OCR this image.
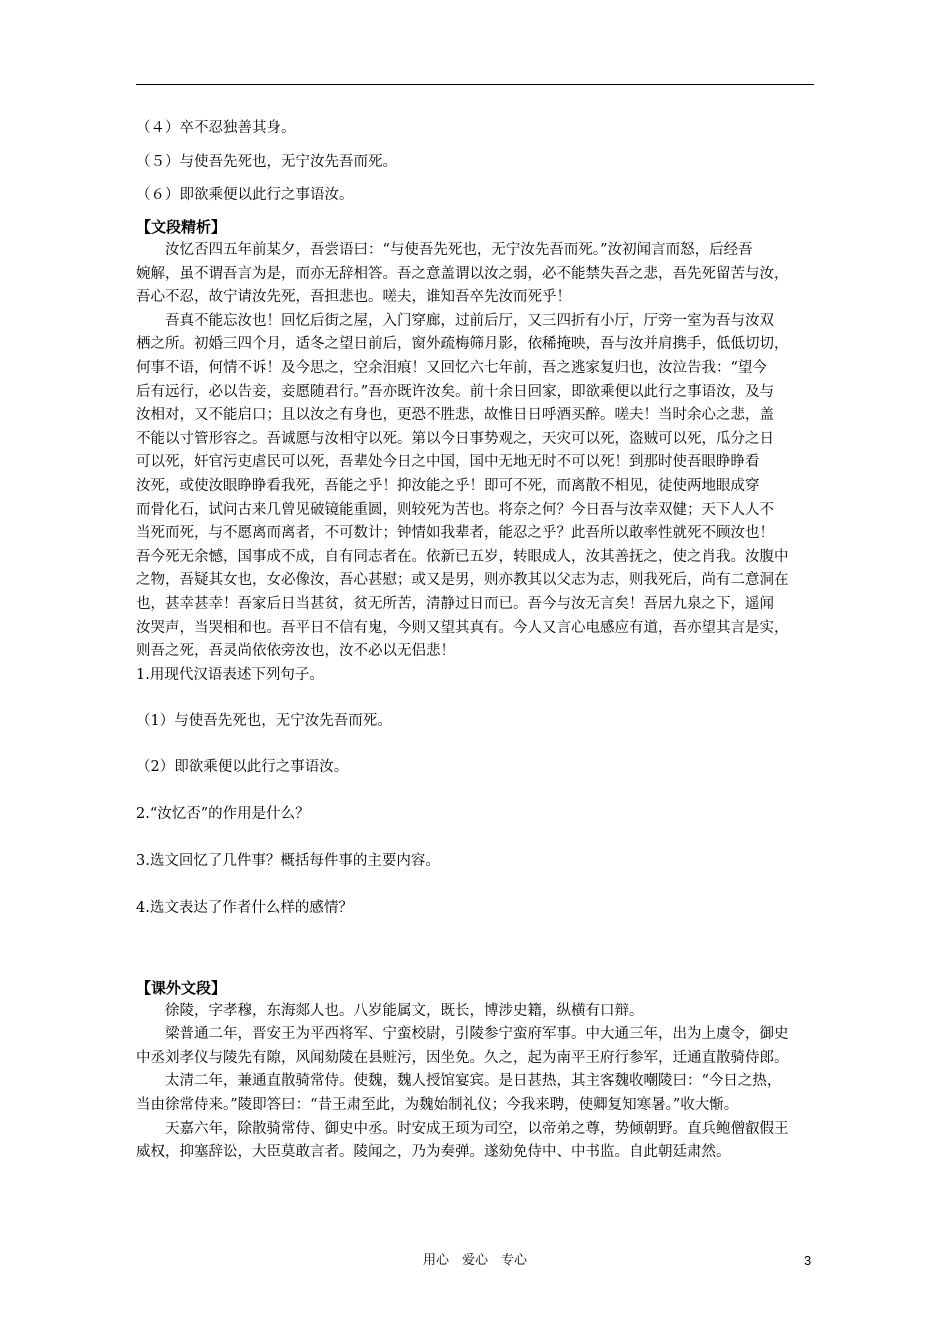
（４）卒不忍独善其身。
（５）与使吾先死也，无宁汝先吾而死。
（６）即欲乘便以此行之事语汝。
【文段精析】
　　汝忆否四五年前某夕，吾尝语曰：“与使吾先死也，无宁汝先吾而死。”汝初闻言而怒，后经吾
婉解，虽不谓吾言为是，而亦无辞相答。吾之意盖谓以汝之弱，必不能禁失吾之悲，吾先死留苦与汝，
吾心不忍，故宁请汝先死，吾担悲也。嗟夫，谁知吾卒先汝而死乎！
　　吾真不能忘汝也！回忆后街之屋，入门穿廊，过前后厅，又三四折有小厅，厅旁一室为吾与汝双
栖之所。初婚三四个月，适冬之望日前后，窗外疏梅筛月影，依稀掩映，吾与汝并肩携手，低低切切，
何事不语，何情不诉！及今思之，空余泪痕！又回忆六七年前，吾之逃家复归也，汝泣告我：“望今
后有远行，必以告妾，妾愿随君行。”吾亦既许汝矣。前十余日回家，即欲乘便以此行之事语汝，及与
汝相对，又不能启口；且以汝之有身也，更恐不胜悲，故惟日日呼酒买醉。嗟夫！当时余心之悲，盖
不能以寸管形容之。吾诚愿与汝相守以死。第以今日事势观之，天灾可以死，盗贼可以死，瓜分之日
可以死，奸官污吏虐民可以死，吾辈处今日之中国，国中无地无时不可以死！到那时使吾眼睁睁看
汝死，或使汝眼睁睁看我死，吾能之乎！抑汝能之乎！即可不死，而离散不相见，徒使两地眼成穿
而骨化石，试问古来几曾见破镜能重圆，则较死为苦也。将奈之何？今日吾与汝幸双健；天下人人不
当死而死，与不愿离而离者，不可数计；钟情如我辈者，能忍之乎？此吾所以敢率性就死不顾汝也！
吾今死无余憾，国事成不成，自有同志者在。依新已五岁，转眼成人，汝其善抚之，使之肖我。汝腹中
之物，吾疑其女也，女必像汝，吾心甚慰；或又是男，则亦教其以父志为志，则我死后，尚有二意洞在
也，甚幸甚幸！吾家后日当甚贫，贫无所苦，清静过日而已。吾今与汝无言矣！吾居九泉之下，遥闻
汝哭声，当哭相和也。吾平日不信有鬼，今则又望其真有。今人又言心电感应有道，吾亦望其言是实，
则吾之死，吾灵尚依依旁汝也，汝不必以无侣悲！
1.用现代汉语表述下列句子。
（1）与使吾先死也，无宁汝先吾而死。
（2）即欲乘便以此行之事语汝。
2.“汝忆否”的作用是什么？
3.选文回忆了几件事？概括每件事的主要内容。
4.选文表达了作者什么样的感情？
【课外文段】
　　徐陵，字孝穆，东海郯人也。八岁能属文，既长，博涉史籍，纵横有口辩。
　　梁普通二年，晋安王为平西将军、宁蛮校尉，引陵参宁蛮府军事。中大通三年，出为上虞令，御史
中丞刘孝仪与陵先有隙，风闻劾陵在县赃污，因坐免。久之，起为南平王府行参军，迁通直散骑侍郎。
　　太清二年，兼通直散骑常侍。使魏，魏人授馆宴宾。是日甚热，其主客魏收嘲陵曰：“今日之热，
当由徐常侍来。”陵即答曰：“昔王肃至此，为魏始制礼仪；今我来聘，使卿复知寒暑。”收大惭。
　　天嘉六年，除散骑常侍、御史中丞。时安成王顼为司空，以帝弟之尊，势倾朝野。直兵鲍僧叡假王
威权，抑塞辞讼，大臣莫敢言者。陵闻之，乃为奏弹。遂劾免侍中、中书监。自此朝廷肃然。
用心　爱心　专心	3
